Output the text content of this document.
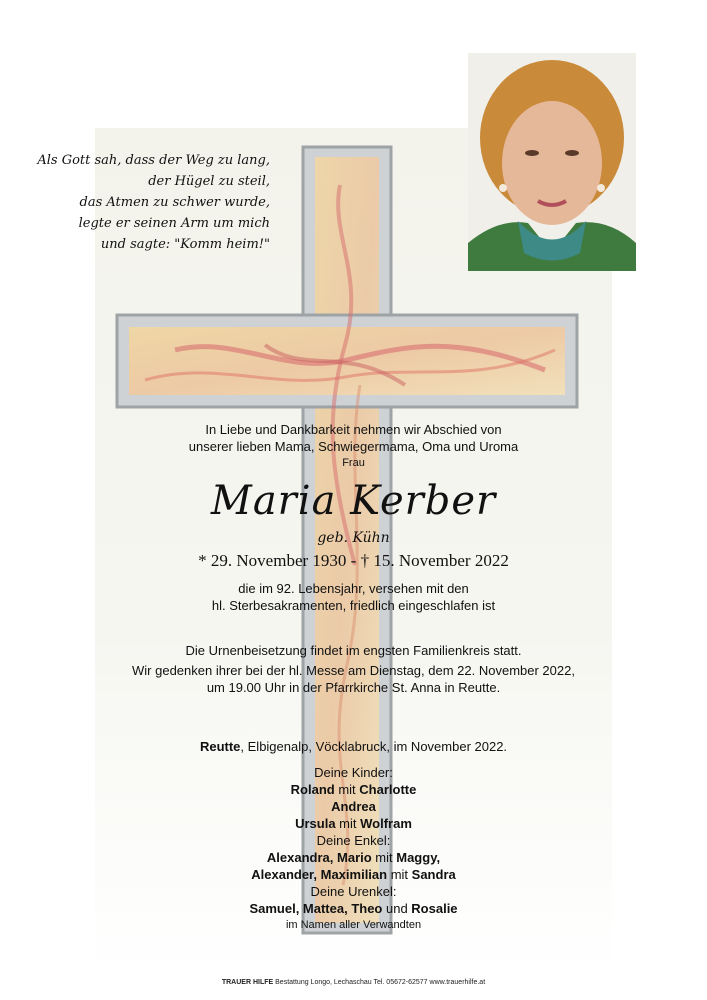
Als Gott sah, dass der Weg zu lang,
der Hügel zu steil,
das Atmen zu schwer wurde,
legte er seinen Arm um mich
und sagte: "Komm heim!"
In Liebe und Dankbarkeit nehmen wir Abschied von
unserer lieben Mama, Schwiegermama, Oma und Uroma
Frau
Maria Kerber
geb. Kühn
* 29. November 1930 - † 15. November 2022
die im 92. Lebensjahr, versehen mit den
hl. Sterbesakramenten, friedlich eingeschlafen ist
Die Urnenbeisetzung findet im engsten Familienkreis statt.
Wir gedenken ihrer bei der hl. Messe am Dienstag, dem 22. November 2022,
um 19.00 Uhr in der Pfarrkirche St. Anna in Reutte.
Reutte, Elbigenalp, Vöcklabruck, im November 2022.
Deine Kinder:
Roland mit Charlotte
Andrea
Ursula mit Wolfram
Deine Enkel:
Alexandra, Mario mit Maggy,
Alexander, Maximilian mit Sandra
Deine Urenkel:
Samuel, Mattea, Theo und Rosalie
im Namen aller Verwandten
TRAUER HILFE Bestattung Longo, Lechaschau Tel. 05672-62577 www.trauerhilfe.at
